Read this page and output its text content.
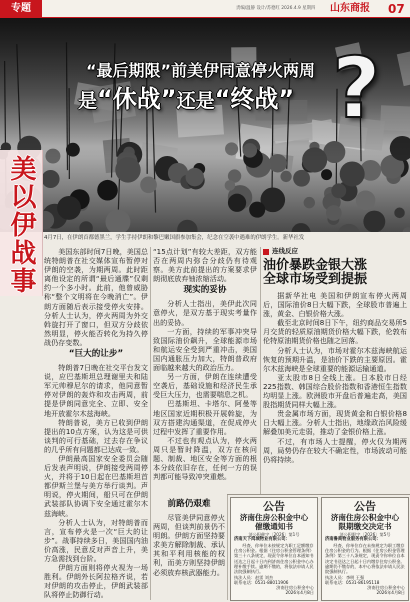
专题	责编/温静 设计/苏德红 2026.4.9 星期四 山东商报 07
“最后期限”前美伊同意停火两周
是“休战”还是“终战” ?
美以伊战事	4月7日，在伊朗首都德黑兰，学生手持伊朗和黎巴嫩国旗参加集会，纪念在空袭中遇难的伊朗学生。新华社发

美国东部时间7日晚，美国总统特朗普在社交媒体宣布暂停对伊朗的空袭，为期两周。此时距离他设定的所谓“最后通牒”仅剩约一个多小时。此前，他曾威胁称“整个文明将在今晚消亡”。伊朗方面随后表示接受停火安排。分析人士认为，停火两周为外交斡旋打开了窗口，但双方分歧依然明显，停火能否转化为持久停战仍存变数。

“巨大的让步”

特朗普7日晚在社交平台发文说，应巴基斯坦总理谢里夫和陆军元帅穆尼尔的请求，他同意暂停对伊朗的轰炸和攻击两周，前提是伊朗同意完全、立即、安全地开放霍尔木兹海峡。

特朗普说，美方已收到伊朗提出的10点方案，认为这是可供谈判的可行基础，过去存在争议的几乎所有问题都已达成一致。

伊朗最高国家安全委员会随后发表声明说，伊朗接受两周停火，并将于10日起在巴基斯坦首都伊斯兰堡与美方举行谈判。声明说，停火期间，船只可在伊朗武装部队协调下安全通过霍尔木兹海峡。

分析人士认为，对特朗普而言，宣布停火是一次“巨大的让步”。战事持续多日，美国国内油价高涨，民意反对声音上升，美方急需找到台阶。

伊朗方面则将停火视为一场胜利。伊朗外长阿拉格齐说，若对伊朗的攻击停止，伊朗武装部队将停止防御行动。

“15点计划”有较大差距，双方能否在两周内弥合分歧仍有待观察。美方此前提出的方案要求伊朗彻底放弃铀浓缩活动。

现实的妥协

分析人士指出，美伊此次同意停火，是双方基于现实考量作出的妥协。

一方面，持续的军事冲突导致国际油价飙升，全球能源市场和航运安全受到严重冲击，美国国内通胀压力加大，特朗普政府面临越来越大的政治压力。

另一方面，伊朗在连续遭受空袭后，基础设施和经济民生承受巨大压力，也需要喘息之机。

巴基斯坦、卡塔尔、阿曼等地区国家近期积极开展斡旋，为双方搭建沟通渠道，在促成停火过程中发挥了重要作用。

不过也有观点认为，停火两周只是暂时降温，双方在核问题、制裁、地区安全等方面的根本分歧依旧存在，任何一方的误判都可能导致冲突重燃。

前路仍艰难

尽管美伊同意停火两周，但谈判前景仍不明朗。伊朗方面坚持要求美方解除制裁、承认其和平利用核能的权利，而美方则坚持伊朗必须放弃核武器能力。

连线反应
油价暴跌金银大涨
全球市场受到提振

据新华社电 美国和伊朗宣布停火两周后，国际油价8日大幅下跌，全球股市普遍上涨，黄金、白银价格大涨。

截至北京时间8日下午，纽约商品交易所5月交货的轻质原油期货价格大幅下跌，伦敦布伦特原油期货价格也随之回落。

分析人士认为，市场对霍尔木兹海峡航运恢复的预期升温，是油价下跌的主要原因。霍尔木兹海峡是全球重要的能源运输通道。

亚太股市8日全线上涨。日本股市日经225指数、韩国综合股价指数和香港恒生指数均明显上涨。欧洲股市开盘后普遍走高，美国股指期货同样大幅上涨。

贵金属市场方面，现货黄金和白银价格8日大幅上涨。分析人士指出，地缘政治风险缓解叠加美元走弱，推动了金银价格上涨。

不过，有市场人士提醒，停火仅为期两周，局势仍存在较大不确定性，市场波动可能仍将持续。

公告
济南住房公积金中心
催缴通知书
济公积催字〔2026〕第1号
济南天下鸿城物业有限公司：
经查，你单位未按规定为职工足额缴存住房公积金。根据《住房公积金管理条例》第三十八条规定，现责令你单位自本通知书送达之日起十日内到济南住房公积金中心办理补缴手续。逾期不缴的，将依法申请人民法院强制执行。
执法人员：赵雷 刘杰
联系电话：0531-88011906
济南住房公积金中心
2026年4月8日
公告
济南住房公积金中心
限期缴交决定书
济公积限字〔2026〕第5号
济南鲁商物业服务有限公司：
经查，你单位存在未按规定为职工缴存住房公积金的行为。根据《住房公积金管理条例》第三十八条规定，现责令你单位自本决定书送达之日起十日内缴存住房公积金。逾期仍不缴存的，本中心将依法申请人民法院强制执行。
执法人员：李明 王强
联系电话：0531-86195118
济南住房公积金中心
2026年4月8日
